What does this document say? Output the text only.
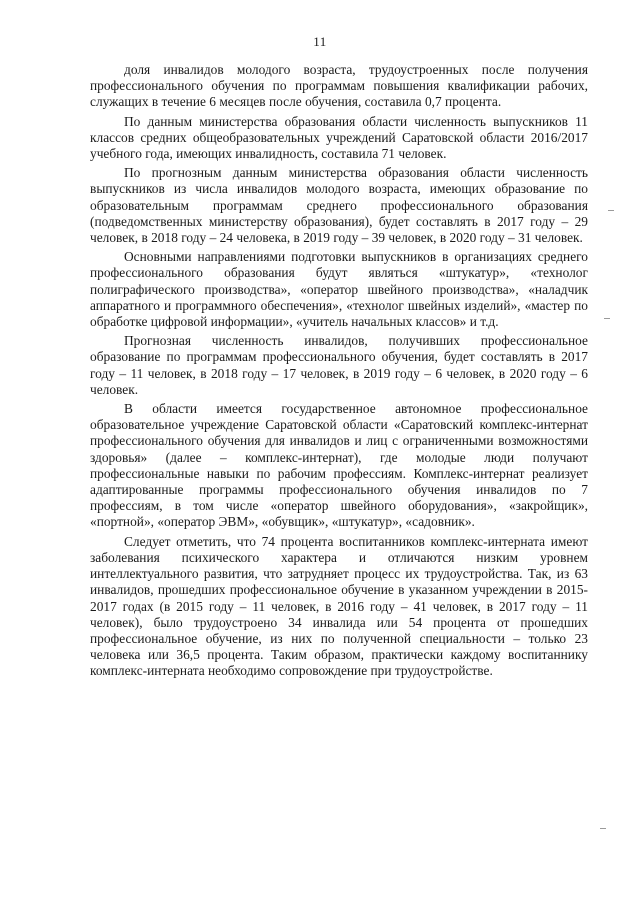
11

доля инвалидов молодого возраста, трудоустроенных после получения профессионального обучения по программам повышения квалификации рабочих, служащих в течение 6 месяцев после обучения, составила 0,7 процента.

По данным министерства образования области численность выпускников 11 классов средних общеобразовательных учреждений Саратовской области 2016/2017 учебного года, имеющих инвалидность, составила 71 человек.

По прогнозным данным министерства образования области численность выпускников из числа инвалидов молодого возраста, имеющих образование по образовательным программам среднего профессионального образования (подведомственных министерству образования), будет составлять в 2017 году – 29 человек, в 2018 году – 24 человека, в 2019 году – 39 человек, в 2020 году – 31 человек.

Основными направлениями подготовки выпускников в организациях среднего профессионального образования будут являться «штукатур», «технолог полиграфического производства», «оператор швейного производства», «наладчик аппаратного и программного обеспечения», «технолог швейных изделий», «мастер по обработке цифровой информации», «учитель начальных классов» и т.д.

Прогнозная численность инвалидов, получивших профессиональное образование по программам профессионального обучения, будет составлять в 2017 году – 11 человек, в 2018 году – 17 человек, в 2019 году – 6 человек, в 2020 году – 6 человек.

В области имеется государственное автономное профессиональное образовательное учреждение Саратовской области «Саратовский комплекс-интернат профессионального обучения для инвалидов и лиц с ограниченными возможностями здоровья» (далее – комплекс-интернат), где молодые люди получают профессиональные навыки по рабочим профессиям. Комплекс-интернат реализует адаптированные программы профессионального обучения инвалидов по 7 профессиям, в том числе «оператор швейного оборудования», «закройщик», «портной», «оператор ЭВМ», «обувщик», «штукатур», «садовник».

Следует отметить, что 74 процента воспитанников комплекс-интерната имеют заболевания психического характера и отличаются низким уровнем интеллектуального развития, что затрудняет процесс их трудоустройства. Так, из 63 инвалидов, прошедших профессиональное обучение в указанном учреждении в 2015-2017 годах (в 2015 году – 11 человек, в 2016 году – 41 человек, в 2017 году – 11 человек), было трудоустроено 34 инвалида или 54 процента от прошедших профессиональное обучение, из них по полученной специальности – только 23 человека или 36,5 процента. Таким образом, практически каждому воспитаннику комплекс-интерната необходимо сопровождение при трудоустройстве.
